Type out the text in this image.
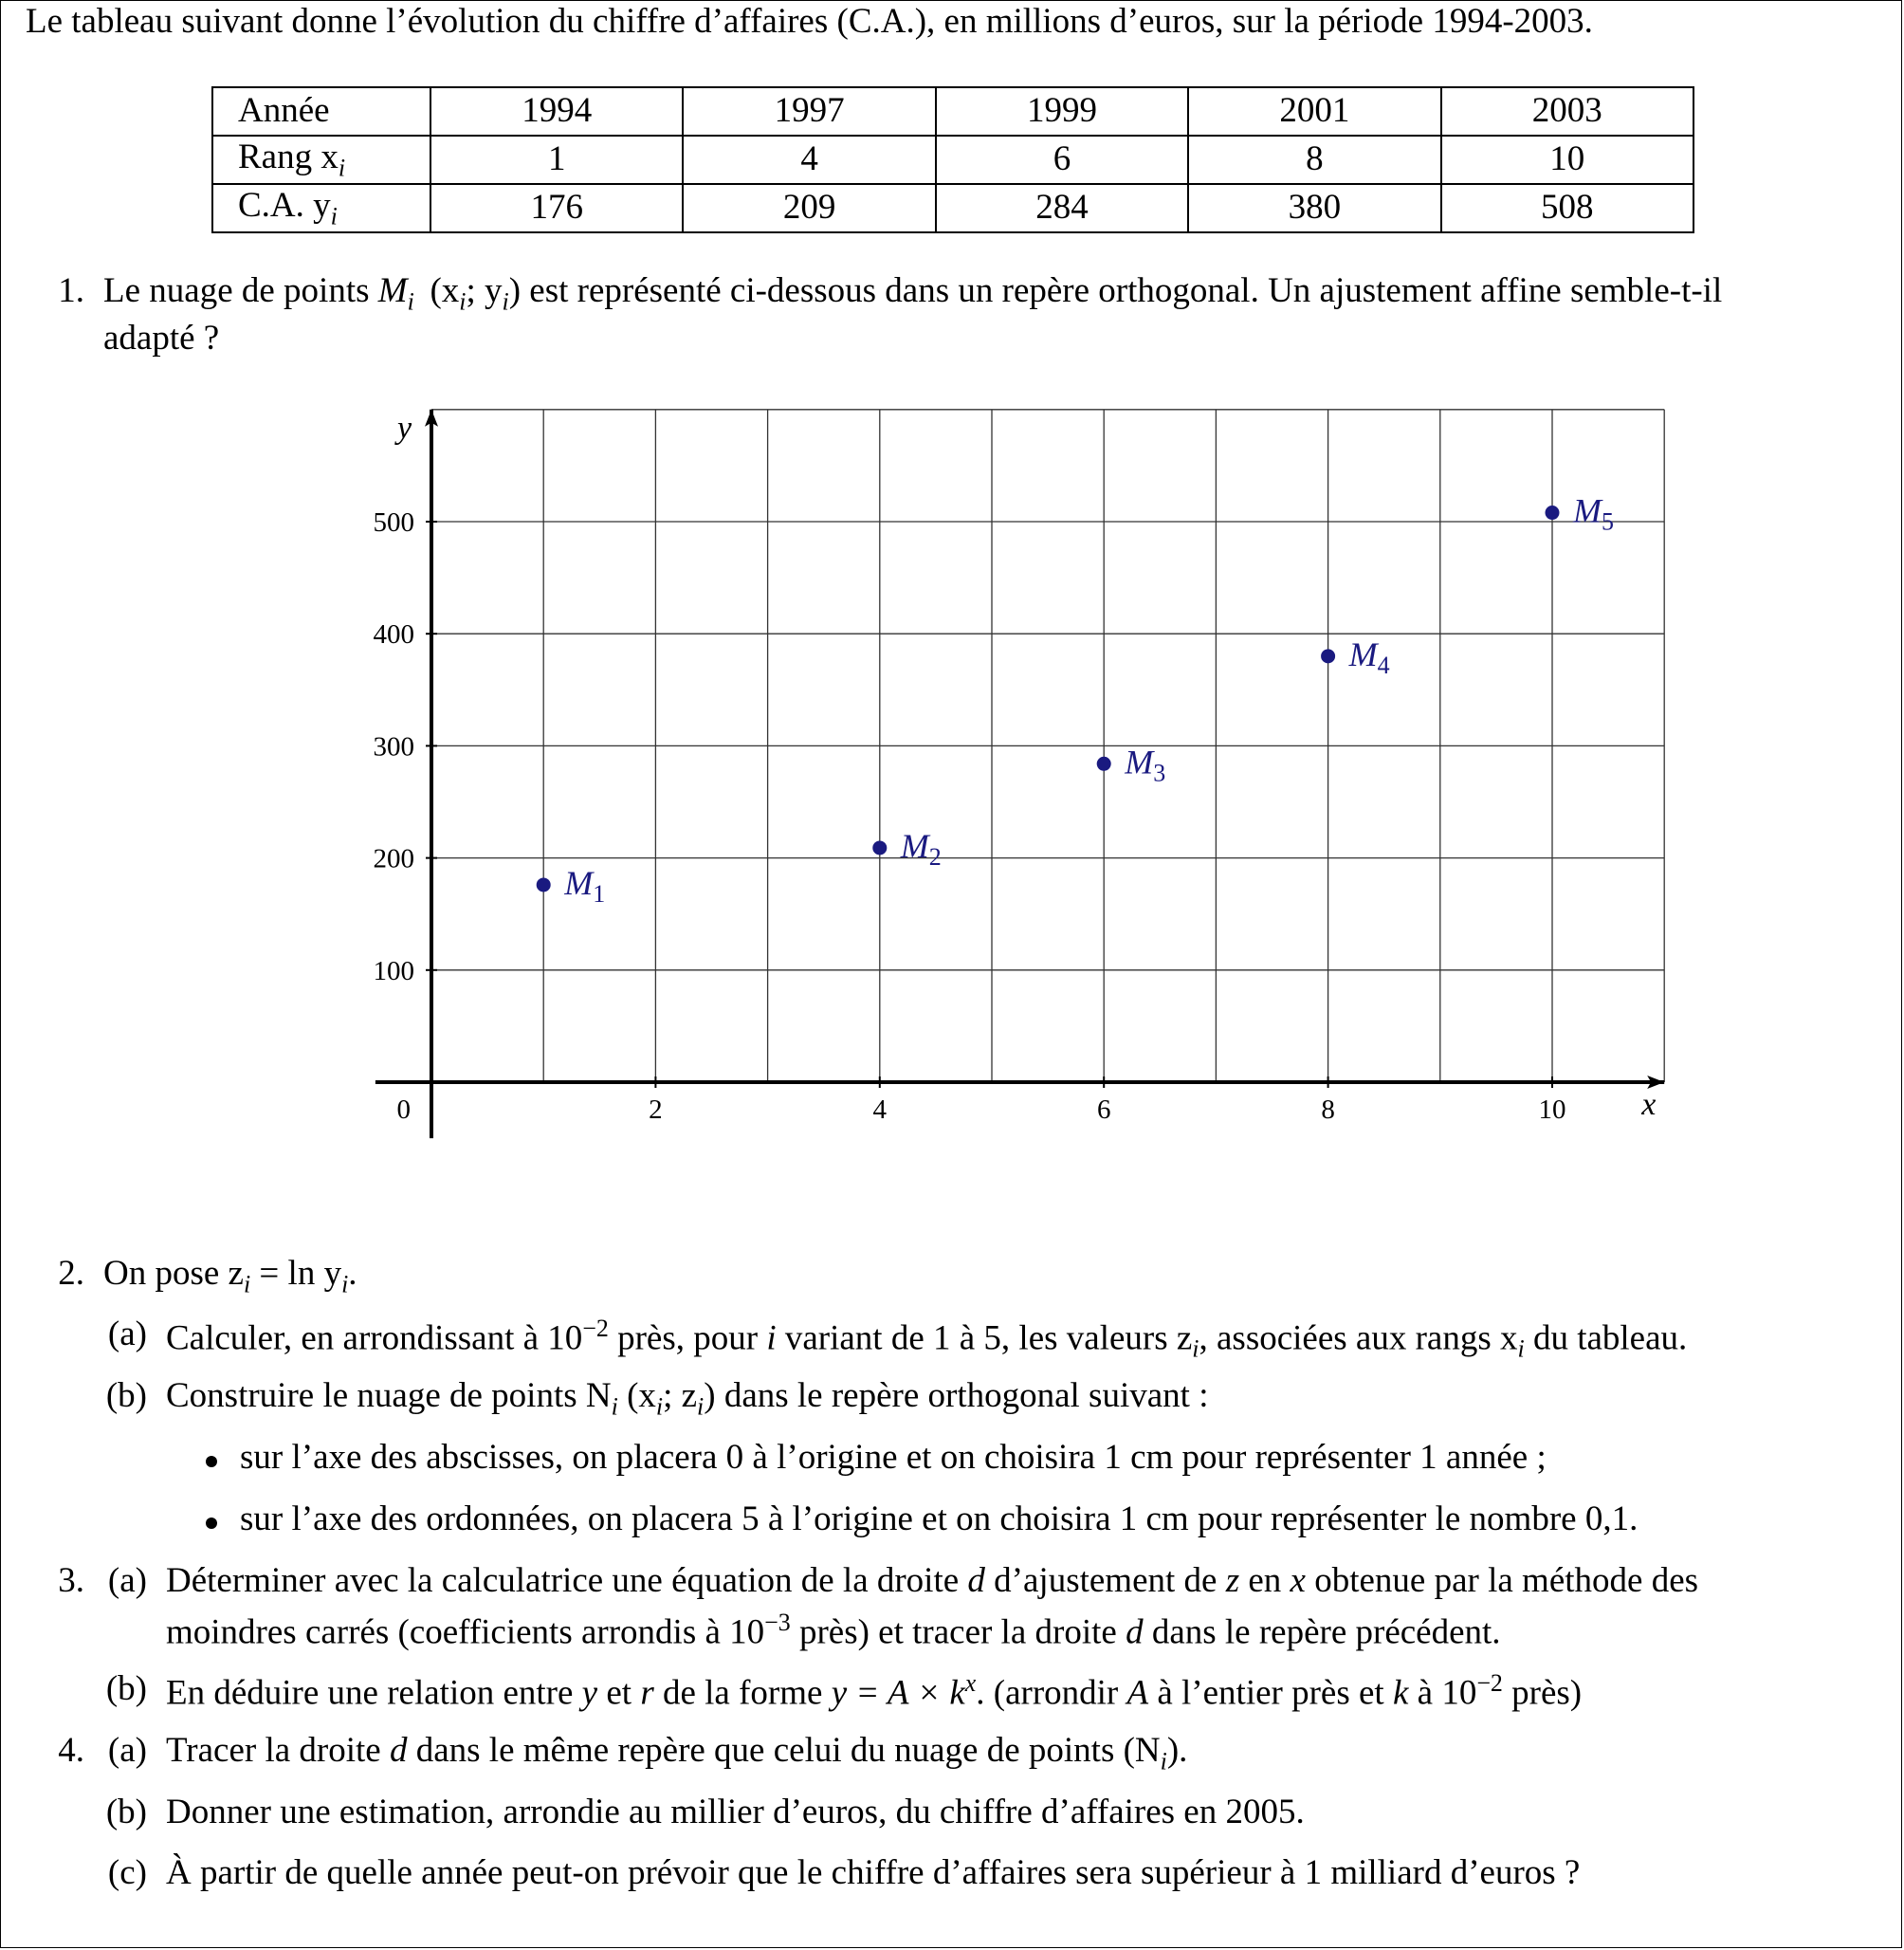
Le tableau suivant donne l’évolution du chiffre d’affaires (C.A.), en millions d’euros, sur la période 1994-2003.
Année	1994	1997	1999	2001	2003
Rang $x_i$	1	4	6	8	10
C.A. $y_i$	176	209	284	380	508
1. Le nuage de points $M_i$  ($x_i$; $y_i$) est représenté ci-dessous dans un repère orthogonal. Un ajustement affine semble-t-il
adapté ?
2	4	6	8	10
100
200
300
400
500
0	x
y
$M_1$
$M_2$
$M_3$
$M_4$
$M_5$
2. On pose $z_i = \ln y_i$.
(a) Calculer, en arrondissant à $10^{-2}$ près, pour i variant de 1 à 5, les valeurs $z_i$, associées aux rangs $x_i$ du tableau.
(b) Construire le nuage de points $N_i$ ($x_i$; $z_i$) dans le repère orthogonal suivant :
sur l’axe des abscisses, on placera 0 à l’origine et on choisira 1 cm pour représenter 1 année ;
sur l’axe des ordonnées, on placera 5 à l’origine et on choisira 1 cm pour représenter le nombre 0,1.
3. (a) Déterminer avec la calculatrice une équation de la droite d d’ajustement de z en x obtenue par la méthode des
moindres carrés (coefficients arrondis à $10^{-3}$ près) et tracer la droite d dans le repère précédent.
(b) En déduire une relation entre y et r de la forme $y = A \times k^x$. (arrondir A à l’entier près et k à $10^{-2}$ près)
4. (a) Tracer la droite d dans le même repère que celui du nuage de points $(N_i)$.
(b) Donner une estimation, arrondie au millier d’euros, du chiffre d’affaires en 2005.
(c) À partir de quelle année peut-on prévoir que le chiffre d’affaires sera supérieur à 1 milliard d’euros ?
